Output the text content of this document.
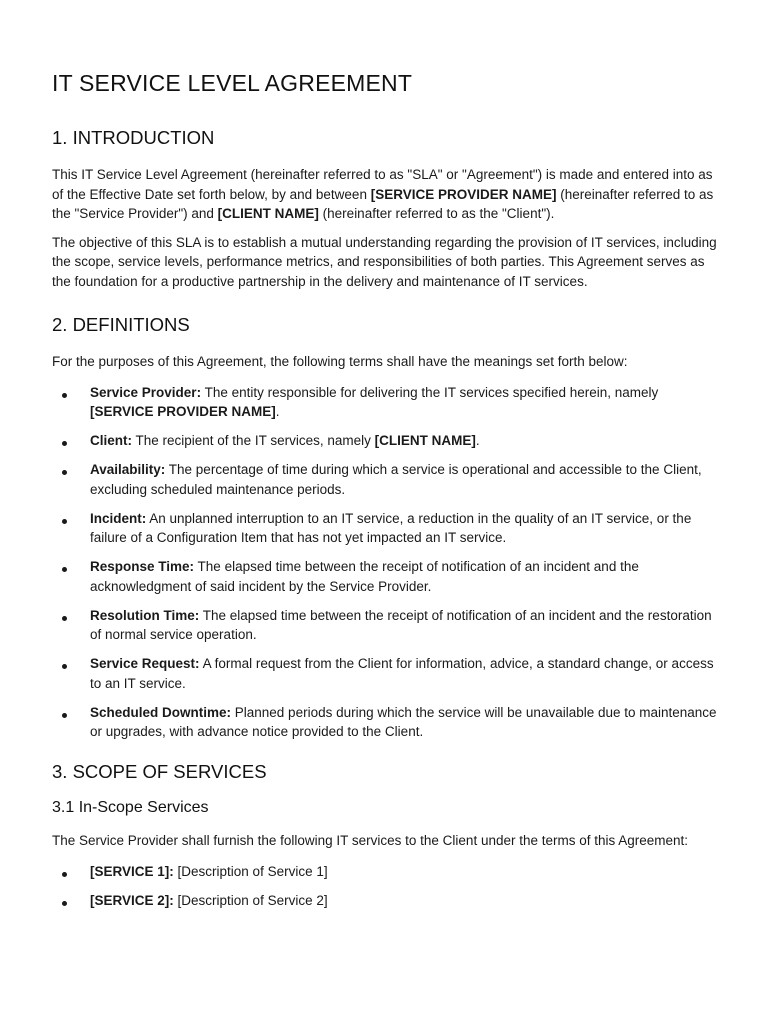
IT SERVICE LEVEL AGREEMENT
1. INTRODUCTION

This IT Service Level Agreement (hereinafter referred to as "SLA" or "Agreement") is made and entered into as of the Effective Date set forth below, by and between [SERVICE PROVIDER NAME] (hereinafter referred to as the "Service Provider") and [CLIENT NAME] (hereinafter referred to as the "Client").

The objective of this SLA is to establish a mutual understanding regarding the provision of IT services, including the scope, service levels, performance metrics, and responsibilities of both parties. This Agreement serves as the foundation for a productive partnership in the delivery and maintenance of IT services.

2. DEFINITIONS

For the purposes of this Agreement, the following terms shall have the meanings set forth below:

Service Provider: The entity responsible for delivering the IT services specified herein, namely [SERVICE PROVIDER NAME].
Client: The recipient of the IT services, namely [CLIENT NAME].
Availability: The percentage of time during which a service is operational and accessible to the Client, excluding scheduled maintenance periods.
Incident: An unplanned interruption to an IT service, a reduction in the quality of an IT service, or the failure of a Configuration Item that has not yet impacted an IT service.
Response Time: The elapsed time between the receipt of notification of an incident and the acknowledgment of said incident by the Service Provider.
Resolution Time: The elapsed time between the receipt of notification of an incident and the restoration of normal service operation.
Service Request: A formal request from the Client for information, advice, a standard change, or access to an IT service.
Scheduled Downtime: Planned periods during which the service will be unavailable due to maintenance or upgrades, with advance notice provided to the Client.
3. SCOPE OF SERVICES
3.1 In-Scope Services

The Service Provider shall furnish the following IT services to the Client under the terms of this Agreement:

[SERVICE 1]: [Description of Service 1]
[SERVICE 2]: [Description of Service 2]
